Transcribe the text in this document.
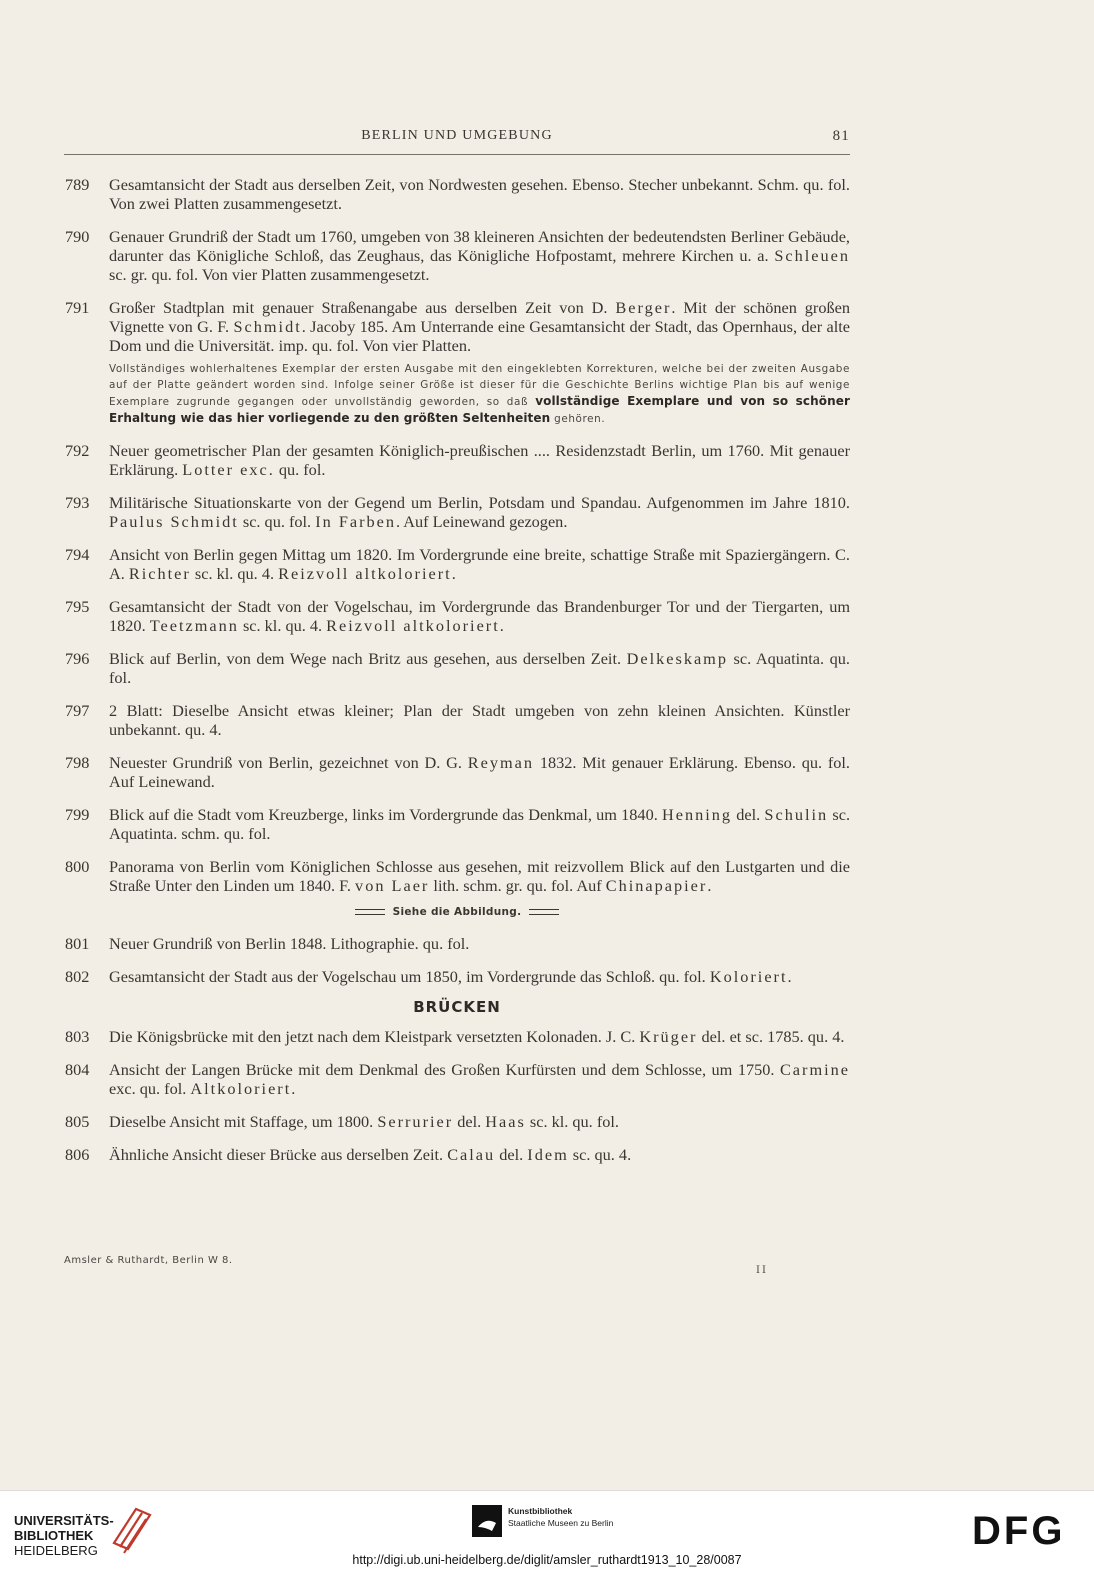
BERLIN UND UMGEBUNG	81
789 Gesamtansicht der Stadt aus derselben Zeit, von Nordwesten gesehen. Ebenso. Stecher unbekannt. Schm. qu. fol. Von zwei Platten zusammengesetzt.
790 Genauer Grundriß der Stadt um 1760, umgeben von 38 kleineren Ansichten der bedeutendsten Berliner Gebäude, darunter das Königliche Schloß, das Zeughaus, das Königliche Hofpostamt, mehrere Kirchen u. a. Schleuen sc. gr. qu. fol. Von vier Platten zusammengesetzt.
791 Großer Stadtplan mit genauer Straßenangabe aus derselben Zeit von D. Berger. Mit der schönen großen Vignette von G. F. Schmidt. Jacoby 185. Am Unterrande eine Gesamtansicht der Stadt, das Opernhaus, der alte Dom und die Universität. imp. qu. fol. Von vier Platten.
Vollständiges wohlerhaltenes Exemplar der ersten Ausgabe mit den eingeklebten Korrekturen, welche bei der zweiten Ausgabe auf der Platte geändert worden sind. Infolge seiner Größe ist dieser für die Geschichte Berlins wichtige Plan bis auf wenige Exemplare zugrunde gegangen oder unvollständig geworden, so daß vollständige Exemplare und von so schöner Erhaltung wie das hier vorliegende zu den größten Seltenheiten gehören.
792 Neuer geometrischer Plan der gesamten Königlich-preußischen .... Residenzstadt Berlin, um 1760. Mit genauer Erklärung. Lotter exc. qu. fol.
793 Militärische Situationskarte von der Gegend um Berlin, Potsdam und Spandau. Aufgenommen im Jahre 1810. Paulus Schmidt sc. qu. fol. In Farben. Auf Leinewand gezogen.
794 Ansicht von Berlin gegen Mittag um 1820. Im Vordergrunde eine breite, schattige Straße mit Spaziergängern. C. A. Richter sc. kl. qu. 4. Reizvoll altkoloriert.
795 Gesamtansicht der Stadt von der Vogelschau, im Vordergrunde das Brandenburger Tor und der Tiergarten, um 1820. Teetzmann sc. kl. qu. 4. Reizvoll altkoloriert.
796 Blick auf Berlin, von dem Wege nach Britz aus gesehen, aus derselben Zeit. Delkeskamp sc. Aquatinta. qu. fol.
797 2 Blatt: Dieselbe Ansicht etwas kleiner; Plan der Stadt umgeben von zehn kleinen Ansichten. Künstler unbekannt. qu. 4.
798 Neuester Grundriß von Berlin, gezeichnet von D. G. Reyman 1832. Mit genauer Erklärung. Ebenso. qu. fol. Auf Leinewand.
799 Blick auf die Stadt vom Kreuzberge, links im Vordergrunde das Denkmal, um 1840. Henning del. Schulin sc. Aquatinta. schm. qu. fol.
800 Panorama von Berlin vom Königlichen Schlosse aus gesehen, mit reizvollem Blick auf den Lustgarten und die Straße Unter den Linden um 1840. F. von Laer lith. schm. gr. qu. fol. Auf Chinapapier.
Siehe die Abbildung.
801 Neuer Grundriß von Berlin 1848. Lithographie. qu. fol.
802 Gesamtansicht der Stadt aus der Vogelschau um 1850, im Vordergrunde das Schloß. qu. fol. Koloriert.
BRÜCKEN
803 Die Königsbrücke mit den jetzt nach dem Kleistpark versetzten Kolonaden. J. C. Krüger del. et sc. 1785. qu. 4.
804 Ansicht der Langen Brücke mit dem Denkmal des Großen Kurfürsten und dem Schlosse, um 1750. Carmine exc. qu. fol. Altkoloriert.
805 Dieselbe Ansicht mit Staffage, um 1800. Serrurier del. Haas sc. kl. qu. fol.
806 Ähnliche Ansicht dieser Brücke aus derselben Zeit. Calau del. Idem sc. qu. 4.
Amsler & Ruthardt, Berlin W 8.
II
UNIVERSITÄTS-
BIBLIOTHEK
HEIDELBERG
Kunstbibliothek
Staatliche Museen zu Berlin	DFG
http://digi.ub.uni-heidelberg.de/diglit/amsler_ruthardt1913_10_28/0087
